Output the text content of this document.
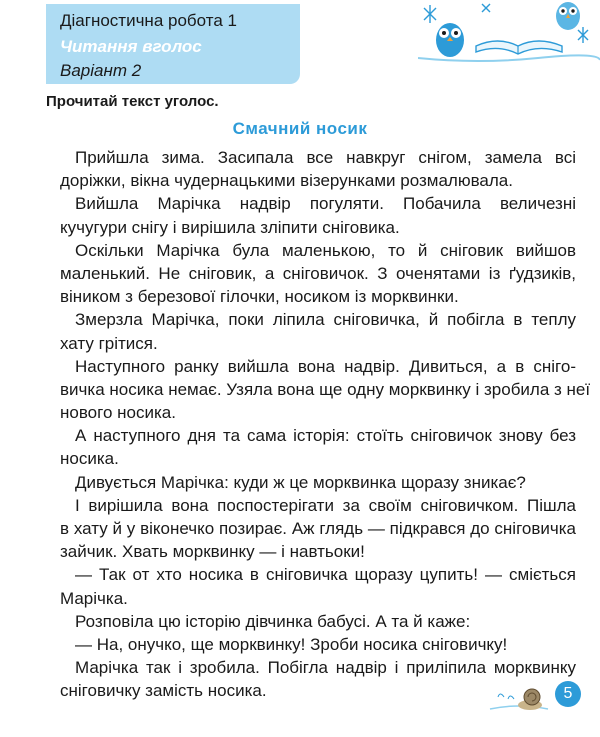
Діагностична робота 1
Читання вголос
Варіант 2
Прочитай текст уголос.
Смачний носик
Прийшла зима. Засипала все навкруг снігом, замела всі
доріжки, вікна чудернацькими візерунками розмалювала.
Вийшла Марічка надвір погуляти. Побачила величезні
кучугури снігу і вирішила зліпити сніговика.
Оскільки Марічка була маленькою, то й сніговик вийшов
маленький. Не сніговик, а сніговичок. З оченятами із ґудзиків,
віником з березової гілочки, носиком із морквинки.
Змерзла Марічка, поки ліпила сніговичка, й побігла в теплу
хату грітися.
Наступного ранку вийшла вона надвір. Дивиться, а в сніго-
вичка носика немає. Узяла вона ще одну морквинку і зробила з неї
нового носика.
А наступного дня та сама історія: стоїть сніговичок знову без
носика.
Дивується Марічка: куди ж це морквинка щоразу зникає?
І вирішила вона поспостерігати за своїм сніговичком. Пішла
в хату й у віконечко позирає. Аж глядь — підкрався до сніговичка
зайчик. Хвать морквинку — і навтьоки!
— Так от хто носика в сніговичка щоразу цупить! — сміється
Марічка.
Розповіла цю історію дівчинка бабусі. А та й каже:
— На, онучко, ще морквинку! Зроби носика сніговичку!
Марічка так і зробила. Побігла надвір і приліпила морквинку
сніговичку замість носика.	5
